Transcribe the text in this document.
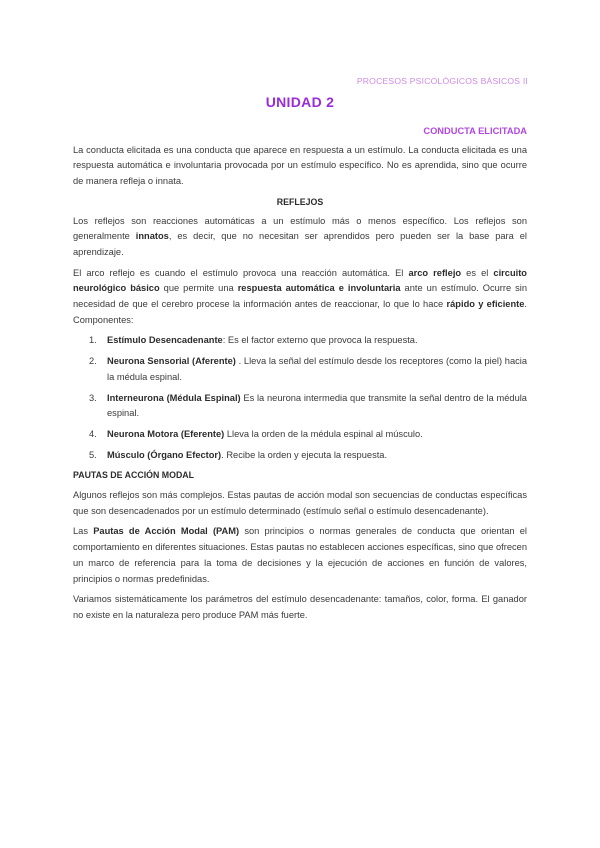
PROCESOS PSICOLÓGICOS BÁSICOS II
UNIDAD 2
CONDUCTA ELICITADA

La conducta elicitada es una conducta que aparece en respuesta a un estímulo. La conducta elicitada es una respuesta automática e involuntaria provocada por un estímulo específico. No es aprendida, sino que ocurre de manera refleja o innata.

REFLEJOS

Los reflejos son reacciones automáticas a un estímulo más o menos específico. Los reflejos son generalmente innatos, es decir, que no necesitan ser aprendidos pero pueden ser la base para el aprendizaje.

El arco reflejo es cuando el estímulo provoca una reacción automática. El arco reflejo es el circuito neurológico básico que permite una respuesta automática e involuntaria ante un estímulo. Ocurre sin necesidad de que el cerebro procese la información antes de reaccionar, lo que lo hace rápido y eficiente. Componentes:

1. Estímulo Desencadenante: Es el factor externo que provoca la respuesta.
2. Neurona Sensorial (Aferente) . Lleva la señal del estímulo desde los receptores (como la piel) hacia la médula espinal.
3. Interneurona (Médula Espinal) Es la neurona intermedia que transmite la señal dentro de la médula espinal.
4. Neurona Motora (Eferente) Lleva la orden de la médula espinal al músculo.
5. Músculo (Órgano Efector). Recibe la orden y ejecuta la respuesta.
PAUTAS DE ACCIÓN MODAL

Algunos reflejos son más complejos. Estas pautas de acción modal son secuencias de conductas específicas que son desencadenados por un estímulo determinado (estímulo señal o estímulo desencadenante).

Las Pautas de Acción Modal (PAM) son principios o normas generales de conducta que orientan el comportamiento en diferentes situaciones. Estas pautas no establecen acciones específicas, sino que ofrecen un marco de referencia para la toma de decisiones y la ejecución de acciones en función de valores, principios o normas predefinidas.

Variamos sistemáticamente los parámetros del estímulo desencadenante: tamaños, color, forma. El ganador no existe en la naturaleza pero produce PAM más fuerte.
